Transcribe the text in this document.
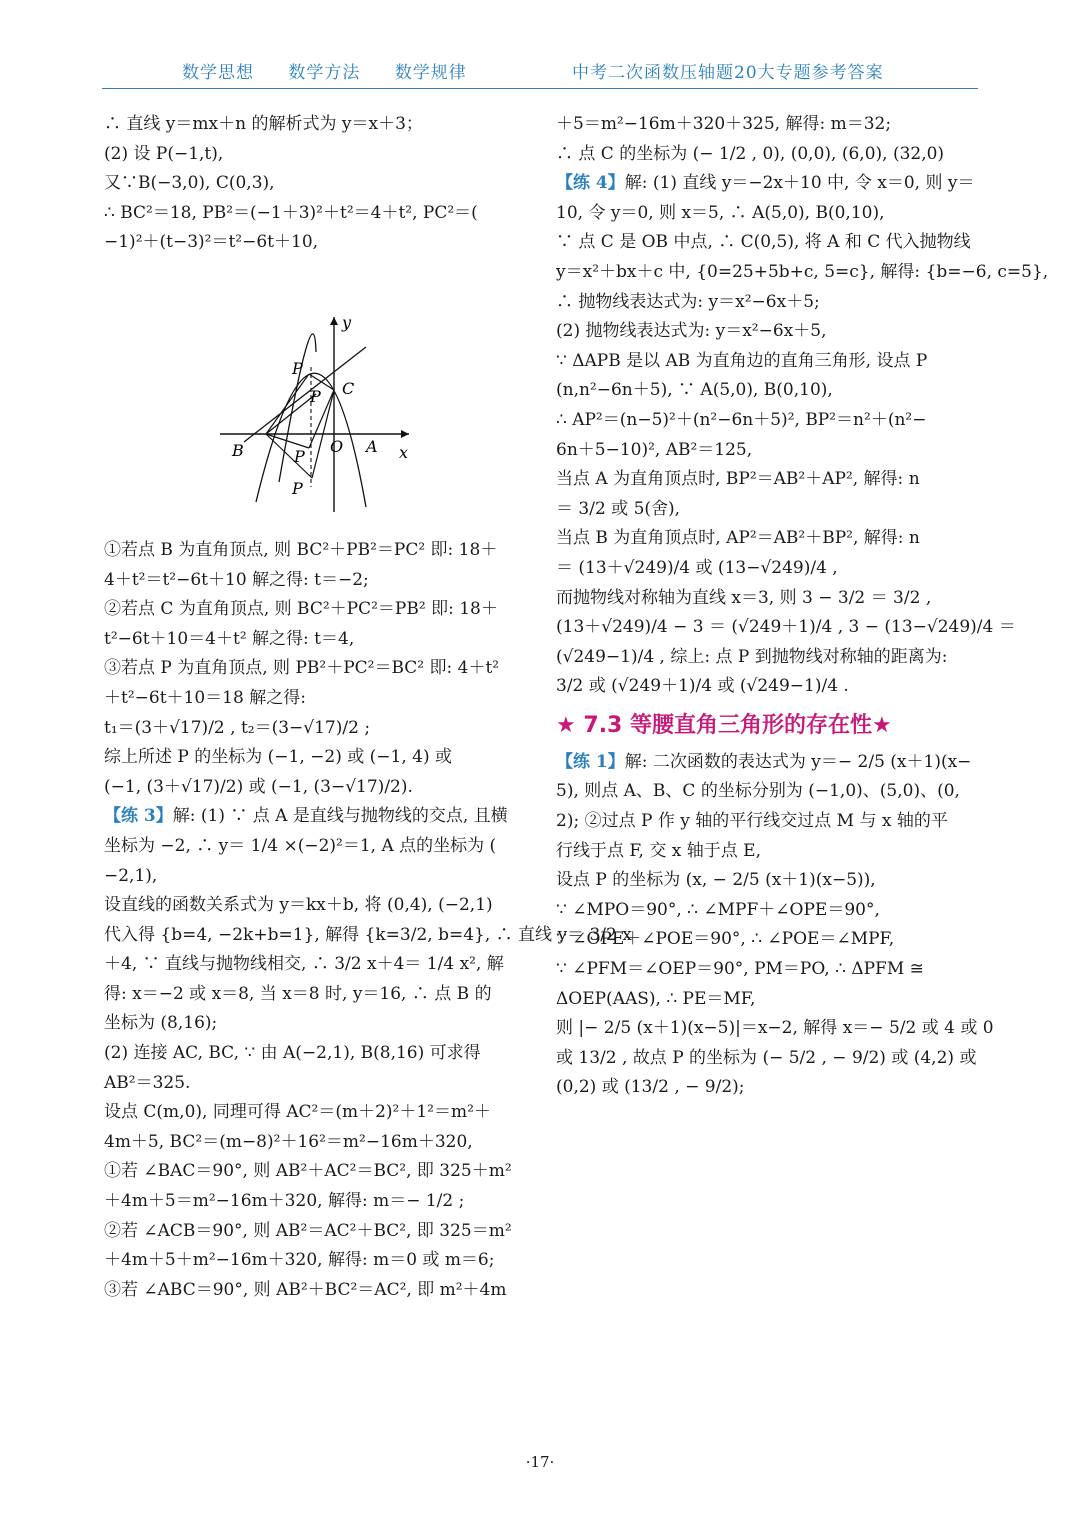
数学思想 数学方法 数学规律	中考二次函数压轴题20大专题参考答案
∴ 直线 y＝mx＋n 的解析式为 y＝x＋3；
(2) 设 P(−1,t),
又∵B(−3,0), C(0,3),
∴ BC²＝18, PB²＝(−1＋3)²＋t²＝4＋t², PC²＝(
−1)²＋(t−3)²＝t²−6t＋10,
y
x
O A
B
C
P
P
P
P
①若点 B 为直角顶点, 则 BC²＋PB²＝PC² 即: 18＋
4＋t²＝t²−6t＋10 解之得: t＝−2;
②若点 C 为直角顶点, 则 BC²＋PC²＝PB² 即: 18＋
t²−6t＋10＝4＋t² 解之得: t＝4,
③若点 P 为直角顶点, 则 PB²＋PC²＝BC² 即: 4＋t²
＋t²−6t＋10＝18 解之得:
t₁＝(3＋√17)/2 , t₂＝(3−√17)/2 ;
综上所述 P 的坐标为 (−1, −2) 或 (−1, 4) 或
(−1, (3＋√17)/2) 或 (−1, (3−√17)/2).
【练 3】解: (1) ∵ 点 A 是直线与抛物线的交点, 且横
坐标为 −2, ∴ y＝ 1/4 ×(−2)²＝1, A 点的坐标为 (
−2,1),
设直线的函数关系式为 y＝kx＋b, 将 (0,4), (−2,1)
代入得 {b=4, −2k+b=1}, 解得 {k=3/2, b=4}, ∴ 直线 y＝ 3/2 x
＋4, ∵ 直线与抛物线相交, ∴ 3/2 x＋4＝ 1/4 x², 解
得: x＝−2 或 x＝8, 当 x＝8 时, y＝16, ∴ 点 B 的
坐标为 (8,16);
(2) 连接 AC, BC, ∵ 由 A(−2,1), B(8,16) 可求得
AB²＝325.
设点 C(m,0), 同理可得 AC²＝(m＋2)²＋1²＝m²＋
4m＋5, BC²＝(m−8)²＋16²＝m²−16m＋320,
①若 ∠BAC＝90°, 则 AB²＋AC²＝BC², 即 325＋m²
＋4m＋5＝m²−16m＋320, 解得: m＝− 1/2 ;
②若 ∠ACB＝90°, 则 AB²＝AC²＋BC², 即 325＝m²
＋4m＋5＋m²−16m＋320, 解得: m＝0 或 m＝6;
③若 ∠ABC＝90°, 则 AB²＋BC²＝AC², 即 m²＋4m
＋5＝m²−16m＋320＋325, 解得: m＝32;
∴ 点 C 的坐标为 (− 1/2 , 0), (0,0), (6,0), (32,0)
【练 4】解: (1) 直线 y＝−2x＋10 中, 令 x＝0, 则 y＝
10, 令 y＝0, 则 x＝5, ∴ A(5,0), B(0,10),
∵ 点 C 是 OB 中点, ∴ C(0,5), 将 A 和 C 代入抛物线
y＝x²＋bx＋c 中, {0=25+5b+c, 5=c}, 解得: {b=−6, c=5},
∴ 抛物线表达式为: y＝x²−6x＋5;
(2) 抛物线表达式为: y＝x²−6x＋5,
∵ ΔAPB 是以 AB 为直角边的直角三角形, 设点 P
(n,n²−6n＋5), ∵ A(5,0), B(0,10),
∴ AP²＝(n−5)²＋(n²−6n＋5)², BP²＝n²＋(n²−
6n＋5−10)², AB²＝125,
当点 A 为直角顶点时, BP²＝AB²＋AP², 解得: n
＝ 3/2 或 5(舍),
当点 B 为直角顶点时, AP²＝AB²＋BP², 解得: n
＝ (13＋√249)/4 或 (13−√249)/4 ,
而抛物线对称轴为直线 x＝3, 则 3 − 3/2 ＝ 3/2 ,
(13＋√249)/4 − 3 ＝ (√249＋1)/4 , 3 − (13−√249)/4 ＝
(√249−1)/4 , 综上: 点 P 到抛物线对称轴的距离为:
3/2 或 (√249＋1)/4 或 (√249−1)/4 .
★ 7.3 等腰直角三角形的存在性★
【练 1】解: 二次函数的表达式为 y＝− 2/5 (x＋1)(x−
5), 则点 A、B、C 的坐标分别为 (−1,0)、(5,0)、(0,
2); ②过点 P 作 y 轴的平行线交过点 M 与 x 轴的平
行线于点 F, 交 x 轴于点 E,
设点 P 的坐标为 (x, − 2/5 (x＋1)(x−5)),
∵ ∠MPO＝90°, ∴ ∠MPF＋∠OPE＝90°,
∵ ∠OPE＋∠POE＝90°, ∴ ∠POE＝∠MPF,
∵ ∠PFM＝∠OEP＝90°, PM＝PO, ∴ ΔPFM ≅
ΔOEP(AAS), ∴ PE＝MF,
则 |− 2/5 (x＋1)(x−5)|＝x−2, 解得 x＝− 5/2 或 4 或 0
或 13/2 , 故点 P 的坐标为 (− 5/2 , − 9/2) 或 (4,2) 或
(0,2) 或 (13/2 , − 9/2);
·17·
